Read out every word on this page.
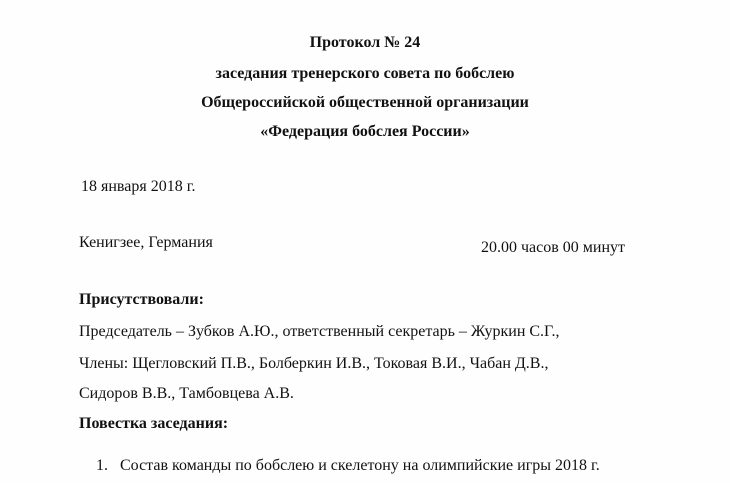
Протокол № 24
заседания тренерского совета по бобслею
Общероссийской общественной организации
«Федерация бобслея России»
18 января 2018 г.
Кенигзее, Германия	20.00 часов 00 минут
Присутствовали:
Председатель – Зубков А.Ю., ответственный секретарь – Журкин С.Г.,
Члены: Щегловский П.В., Болберкин И.В., Токовая В.И., Чабан Д.В.,
Сидоров В.В., Тамбовцева А.В.
Повестка заседания:
1. Состав команды по бобслею и скелетону на олимпийские игры 2018 г.
